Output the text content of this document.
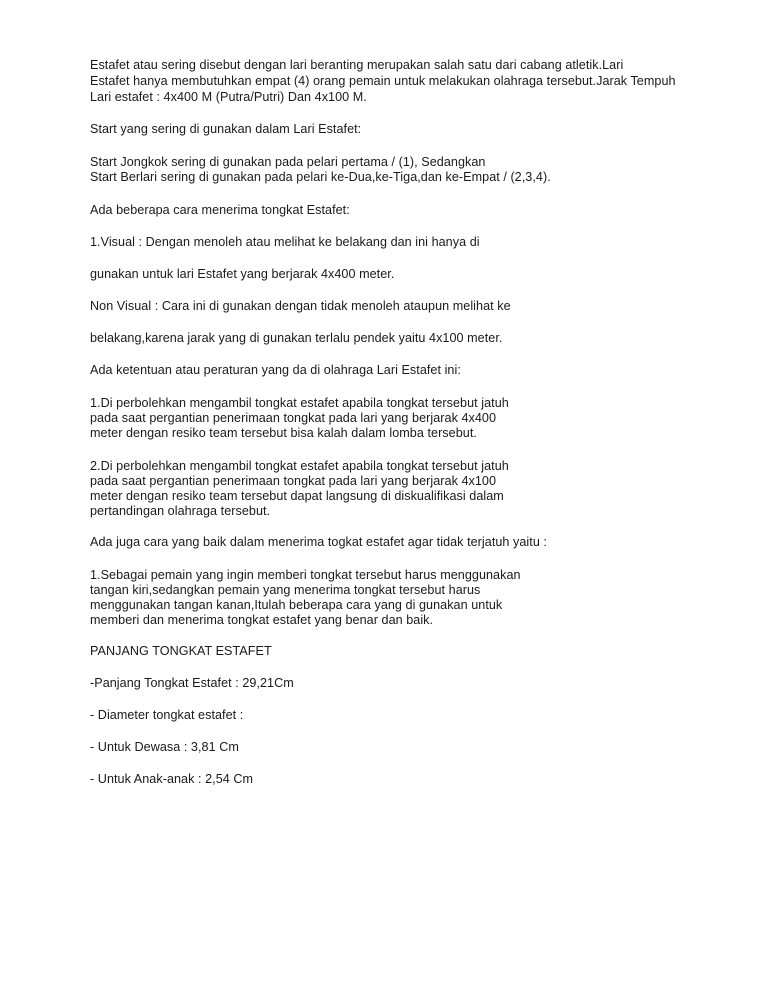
Estafet atau sering disebut dengan lari beranting merupakan salah satu dari cabang atletik.Lari
Estafet hanya membutuhkan empat (4) orang pemain untuk melakukan olahraga tersebut.Jarak Tempuh
Lari estafet : 4x400 M (Putra/Putri) Dan 4x100 M.
Start yang sering di gunakan dalam Lari Estafet:
Start Jongkok sering di gunakan pada pelari pertama / (1), Sedangkan
Start Berlari sering di gunakan pada pelari ke-Dua,ke-Tiga,dan ke-Empat / (2,3,4).
Ada beberapa cara menerima tongkat Estafet:
1.Visual : Dengan menoleh atau melihat ke belakang dan ini hanya di
gunakan untuk lari Estafet yang berjarak 4x400 meter.
Non Visual : Cara ini di gunakan dengan tidak menoleh ataupun melihat ke
belakang,karena jarak yang di gunakan terlalu pendek yaitu 4x100 meter.
Ada ketentuan atau peraturan yang da di olahraga Lari Estafet ini:
1.Di perbolehkan mengambil tongkat estafet apabila tongkat tersebut jatuh
pada saat pergantian penerimaan tongkat pada lari yang berjarak 4x400
meter dengan resiko team tersebut bisa kalah dalam lomba tersebut.
2.Di perbolehkan mengambil tongkat estafet apabila tongkat tersebut jatuh
pada saat pergantian penerimaan tongkat pada lari yang berjarak 4x100
meter dengan resiko team tersebut dapat langsung di diskualifikasi dalam
pertandingan olahraga tersebut.
Ada juga cara yang baik dalam menerima togkat estafet agar tidak terjatuh yaitu :
1.Sebagai pemain yang ingin memberi tongkat tersebut harus menggunakan
tangan kiri,sedangkan pemain yang menerima tongkat tersebut harus
menggunakan tangan kanan,Itulah beberapa cara yang di gunakan untuk
memberi dan menerima tongkat estafet yang benar dan baik.
PANJANG TONGKAT ESTAFET
-Panjang Tongkat Estafet : 29,21Cm
- Diameter tongkat estafet :
- Untuk Dewasa : 3,81 Cm
- Untuk Anak-anak : 2,54 Cm
